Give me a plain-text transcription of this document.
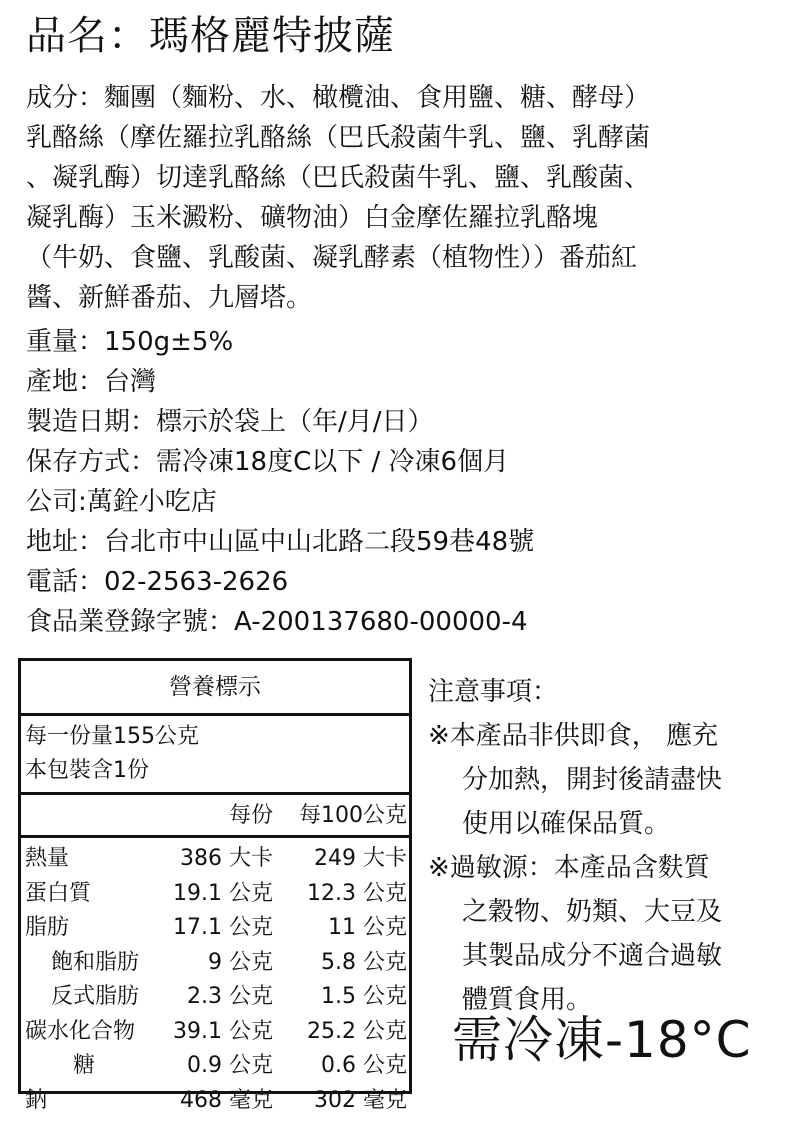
品名：瑪格麗特披薩
成分：麵團（麵粉、水、橄欖油、食用鹽、糖、酵母）
乳酪絲（摩佐羅拉乳酪絲（巴氏殺菌牛乳、鹽、乳酵菌
、凝乳酶）切達乳酪絲（巴氏殺菌牛乳、鹽、乳酸菌、
凝乳酶）玉米澱粉、礦物油）白金摩佐羅拉乳酪塊
（牛奶、食鹽、乳酸菌、凝乳酵素（植物性））番茄紅
醬、新鮮番茄、九層塔。
重量：150g±5%
產地：台灣
製造日期：標示於袋上（年/月/日）
保存方式：需冷凍18度C以下 / 冷凍6個月
公司:萬銓小吃店
地址：台北市中山區中山北路二段59巷48號
電話：02-2563-2626
食品業登錄字號：A-200137680-00000-4
營養標示
每一份量155公克
本包裝含1份
每份 每100公克
熱量	386 大卡 249 大卡
蛋白質	19.1 公克 12.3 公克
脂肪	17.1 公克	11 公克
飽和脂肪	9 公克 5.8 公克
反式脂肪 2.3 公克 1.5 公克
碳水化合物 39.1 公克 25.2 公克
糖	0.9 公克 0.6 公克
鈉	468 毫克 302 毫克
注意事項：
※本產品非供即食， 應充
分加熱，開封後請盡快
使用以確保品質。
※過敏源：本產品含麩質
之穀物、奶類、大豆及
其製品成分不適合過敏
體質食用。
需冷凍-18°C
